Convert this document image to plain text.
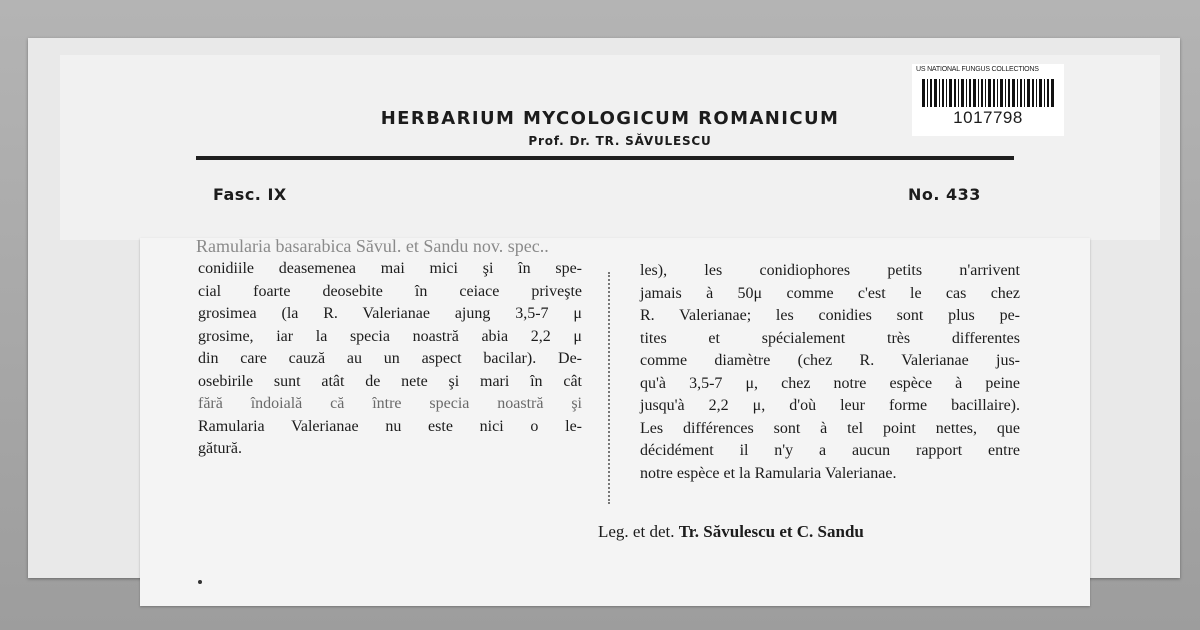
US NATIONAL FUNGUS COLLECTIONS
1017798
HERBARIUM MYCOLOGICUM ROMANICUM
Prof. Dr. TR. SĂVULESCU
Fasc. IX	No. 433
Ramularia basarabica Săvul. et Sandu nov. spec..
conidiile deasemenea mai mici şi în spe-
cial foarte deosebite în ceiace priveşte
grosimea (la R. Valerianae ajung 3,5-7 μ
grosime, iar la specia noastră abia 2,2 μ
din care cauză au un aspect bacilar). De-
osebirile sunt atât de nete şi mari în cât
fără îndoială că între specia noastră şi
Ramularia Valerianae nu este nici o le-
gătură.
les), les conidiophores petits n'arrivent
jamais à 50μ comme c'est le cas chez
R. Valerianae; les conidies sont plus pe-
tites et spécialement très differentes
comme diamètre (chez R. Valerianae jus-
qu'à 3,5-7 μ, chez notre espèce à peine
jusqu'à 2,2 μ, d'où leur forme bacillaire).
Les différences sont à tel point nettes, que
décidément il n'y a aucun rapport entre
notre espèce et la Ramularia Valerianae.
Leg. et det. Tr. Săvulescu et C. Sandu
